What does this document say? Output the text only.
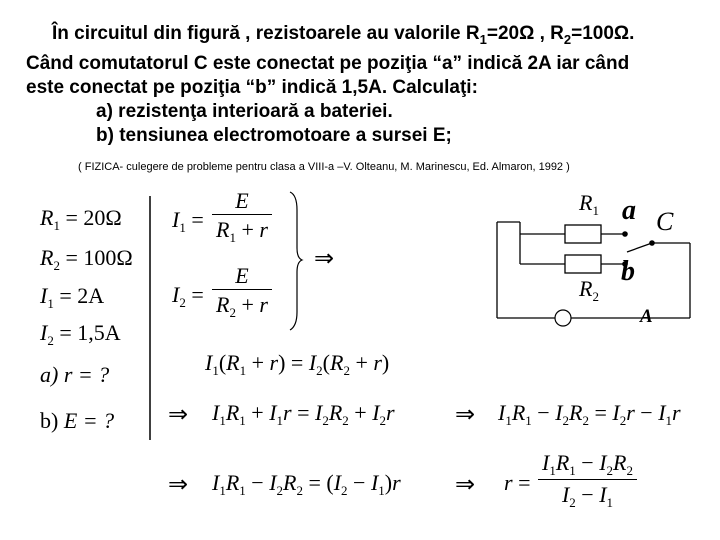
În circuitul din figură , rezistoarele au valorile $R_1=20\Omega$ , $R_2=100\Omega$.
Când comutatorul C este conectat pe poziţia “a” indică 2A iar când
este conectat pe poziţia “b” indică 1,5A. Calculaţi:
a) rezistenţa interioară a bateriei.
b) tensiunea electromotoare a sursei E;
( FIZICA- culegere de probleme pentru clasa a VIII-a –V. Olteanu, M. Marinescu, Ed. Almaron, 1992 )
$R_1 = 20\Omega$
$R_2 = 100\Omega$
$I_1 = 2A$
$I_2 = 1,5A$
a) r = ?
b) E = ?
$I_1 = \frac{E}{R_1 + r}$
$I_2 = \frac{E}{R_2 + r}$
⇒
$I_1(R_1 + r) = I_2(R_2 + r)$
⇒ $I_1R_1 + I_1r = I_2R_2 + I_2r$	⇒ $I_1R_1 - I_2R_2 = I_2r - I_1r$
⇒ $I_1R_1 - I_2R_2 = (I_2 - I_1)r$ ⇒ $r = \frac{I_1R_1 - I_2R_2}{I_2 - I_1}$
$R_1$
$R_2$
a
b
C
A
